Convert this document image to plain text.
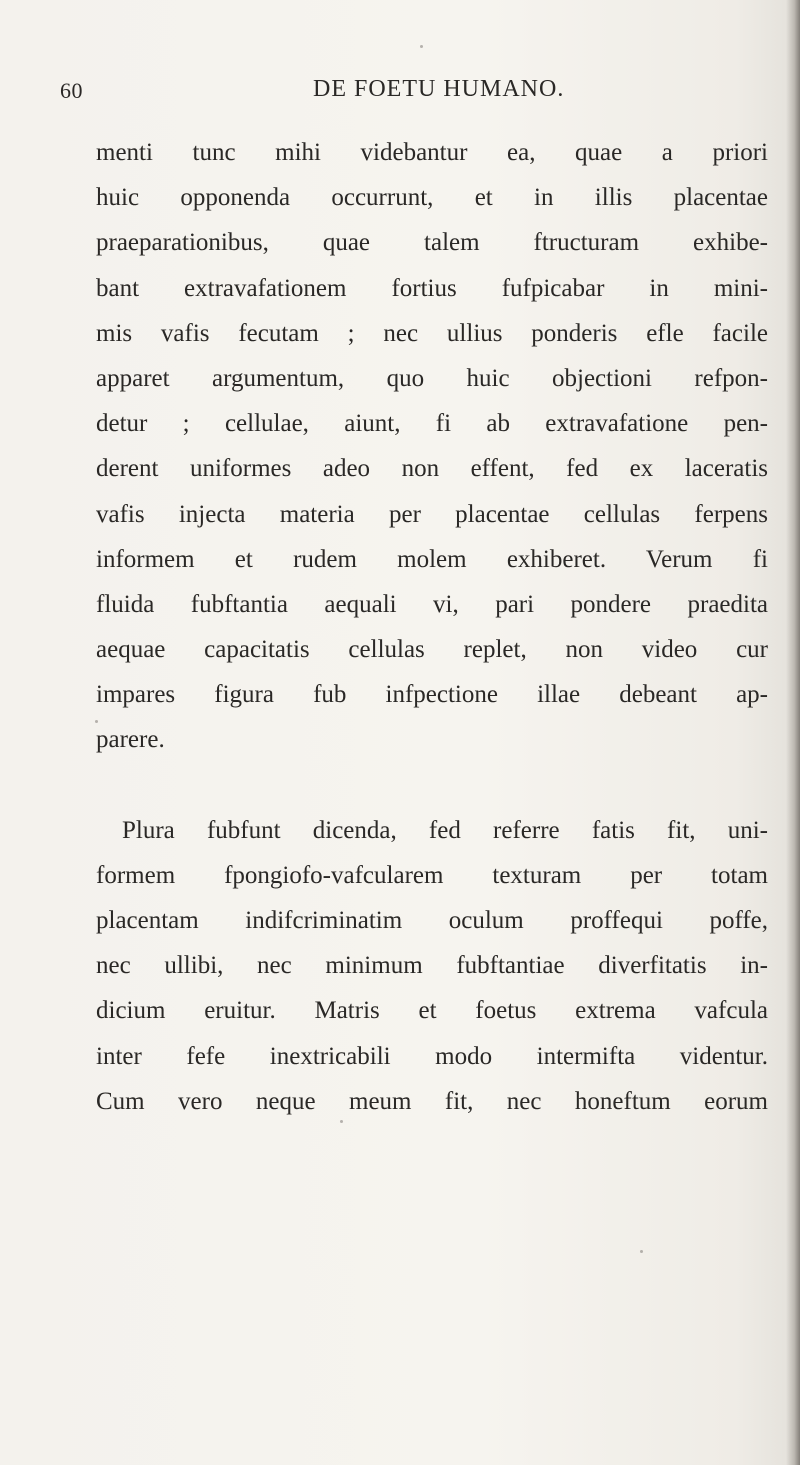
60	DE FOETU HUMANO.
menti tunc mihi videbantur ea, quae a priori
huic opponenda occurrunt, et in illis placentae
praeparationibus, quae talem ftructuram exhibe-
bant extravafationem fortius fufpicabar in mini-
mis vafis fecutam ; nec ullius ponderis efle facile
apparet argumentum, quo huic objectioni refpon-
detur ; cellulae, aiunt, fi ab extravafatione pen-
derent uniformes adeo non effent, fed ex laceratis
vafis injecta materia per placentae cellulas ferpens
informem et rudem molem exhiberet. Verum fi
fluida fubftantia aequali vi, pari pondere praedita
aequae capacitatis cellulas replet, non video cur
impares figura fub infpectione illae debeant ap-
parere.
Plura fubfunt dicenda, fed referre fatis fit, uni-
formem fpongiofo-vafcularem texturam per totam
placentam indifcriminatim oculum proffequi poffe,
nec ullibi, nec minimum fubftantiae diverfitatis in-
dicium eruitur. Matris et foetus extrema vafcula
inter fefe inextricabili modo intermifta videntur.
Cum vero neque meum fit, nec honeftum eorum
